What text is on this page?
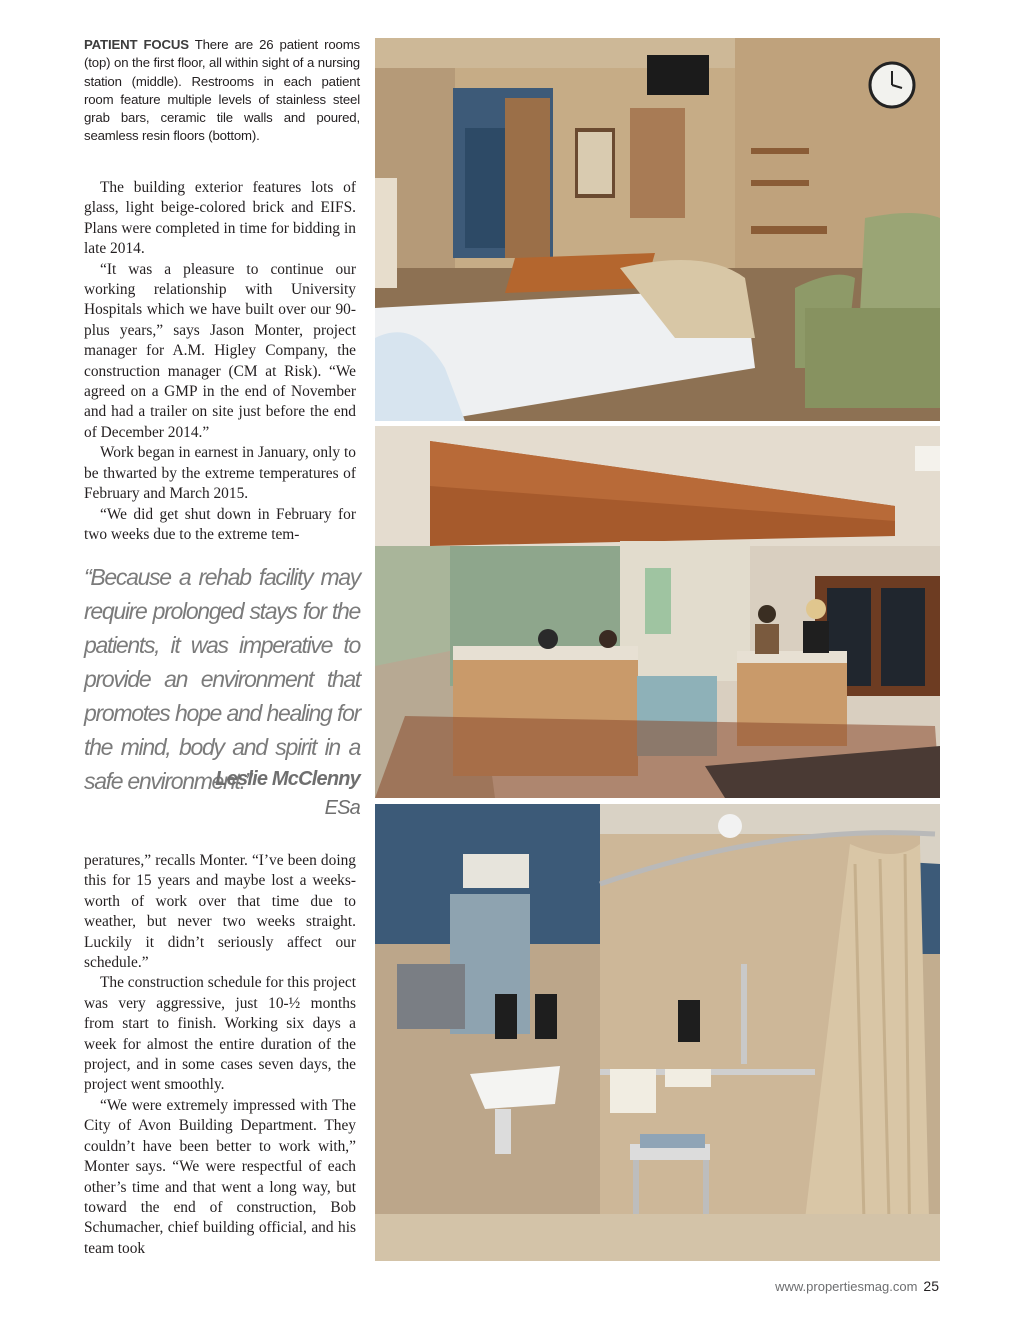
PATIENT FOCUS There are 26 patient rooms (top) on the first floor, all within sight of a nursing station (middle). Restrooms in each patient room feature multiple levels of stainless steel grab bars, ceramic tile walls and poured, seamless resin floors (bottom).

The building exterior features lots of glass, light beige-colored brick and EIFS. Plans were completed in time for bidding in late 2014.

“It was a pleasure to continue our working relationship with University Hospitals which we have built over our 90-plus years,” says Jason Monter, project manager for A.M. Higley Company, the construction manager (CM at Risk). “We agreed on a GMP in the end of November and had a trailer on site just before the end of December 2014.”

Work began in earnest in January, only to be thwarted by the extreme temperatures of February and March 2015.

“We did get shut down in February for two weeks due to the extreme tem-

“Because a rehab facility may require prolonged stays for the patients, it was imperative to provide an environment that promotes hope and healing for the mind, body and spirit in a safe environment.”

Leslie McClenny
ESa

peratures,” recalls Monter. “I’ve been doing this for 15 years and maybe lost a weeks-worth of work over that time due to weather, but never two weeks straight. Luckily it didn’t seriously affect our schedule.”

The construction schedule for this project was very aggressive, just 10-½ months from start to finish. Working six days a week for almost the entire duration of the project, and in some cases seven days, the project went smoothly.

“We were extremely impressed with The City of Avon Building Department. They couldn’t have been better to work with,” Monter says. “We were respectful of each other’s time and that went a long way, but toward the end of construction, Bob Schumacher, chief building official, and his team took

www.propertiesmag.com 25
